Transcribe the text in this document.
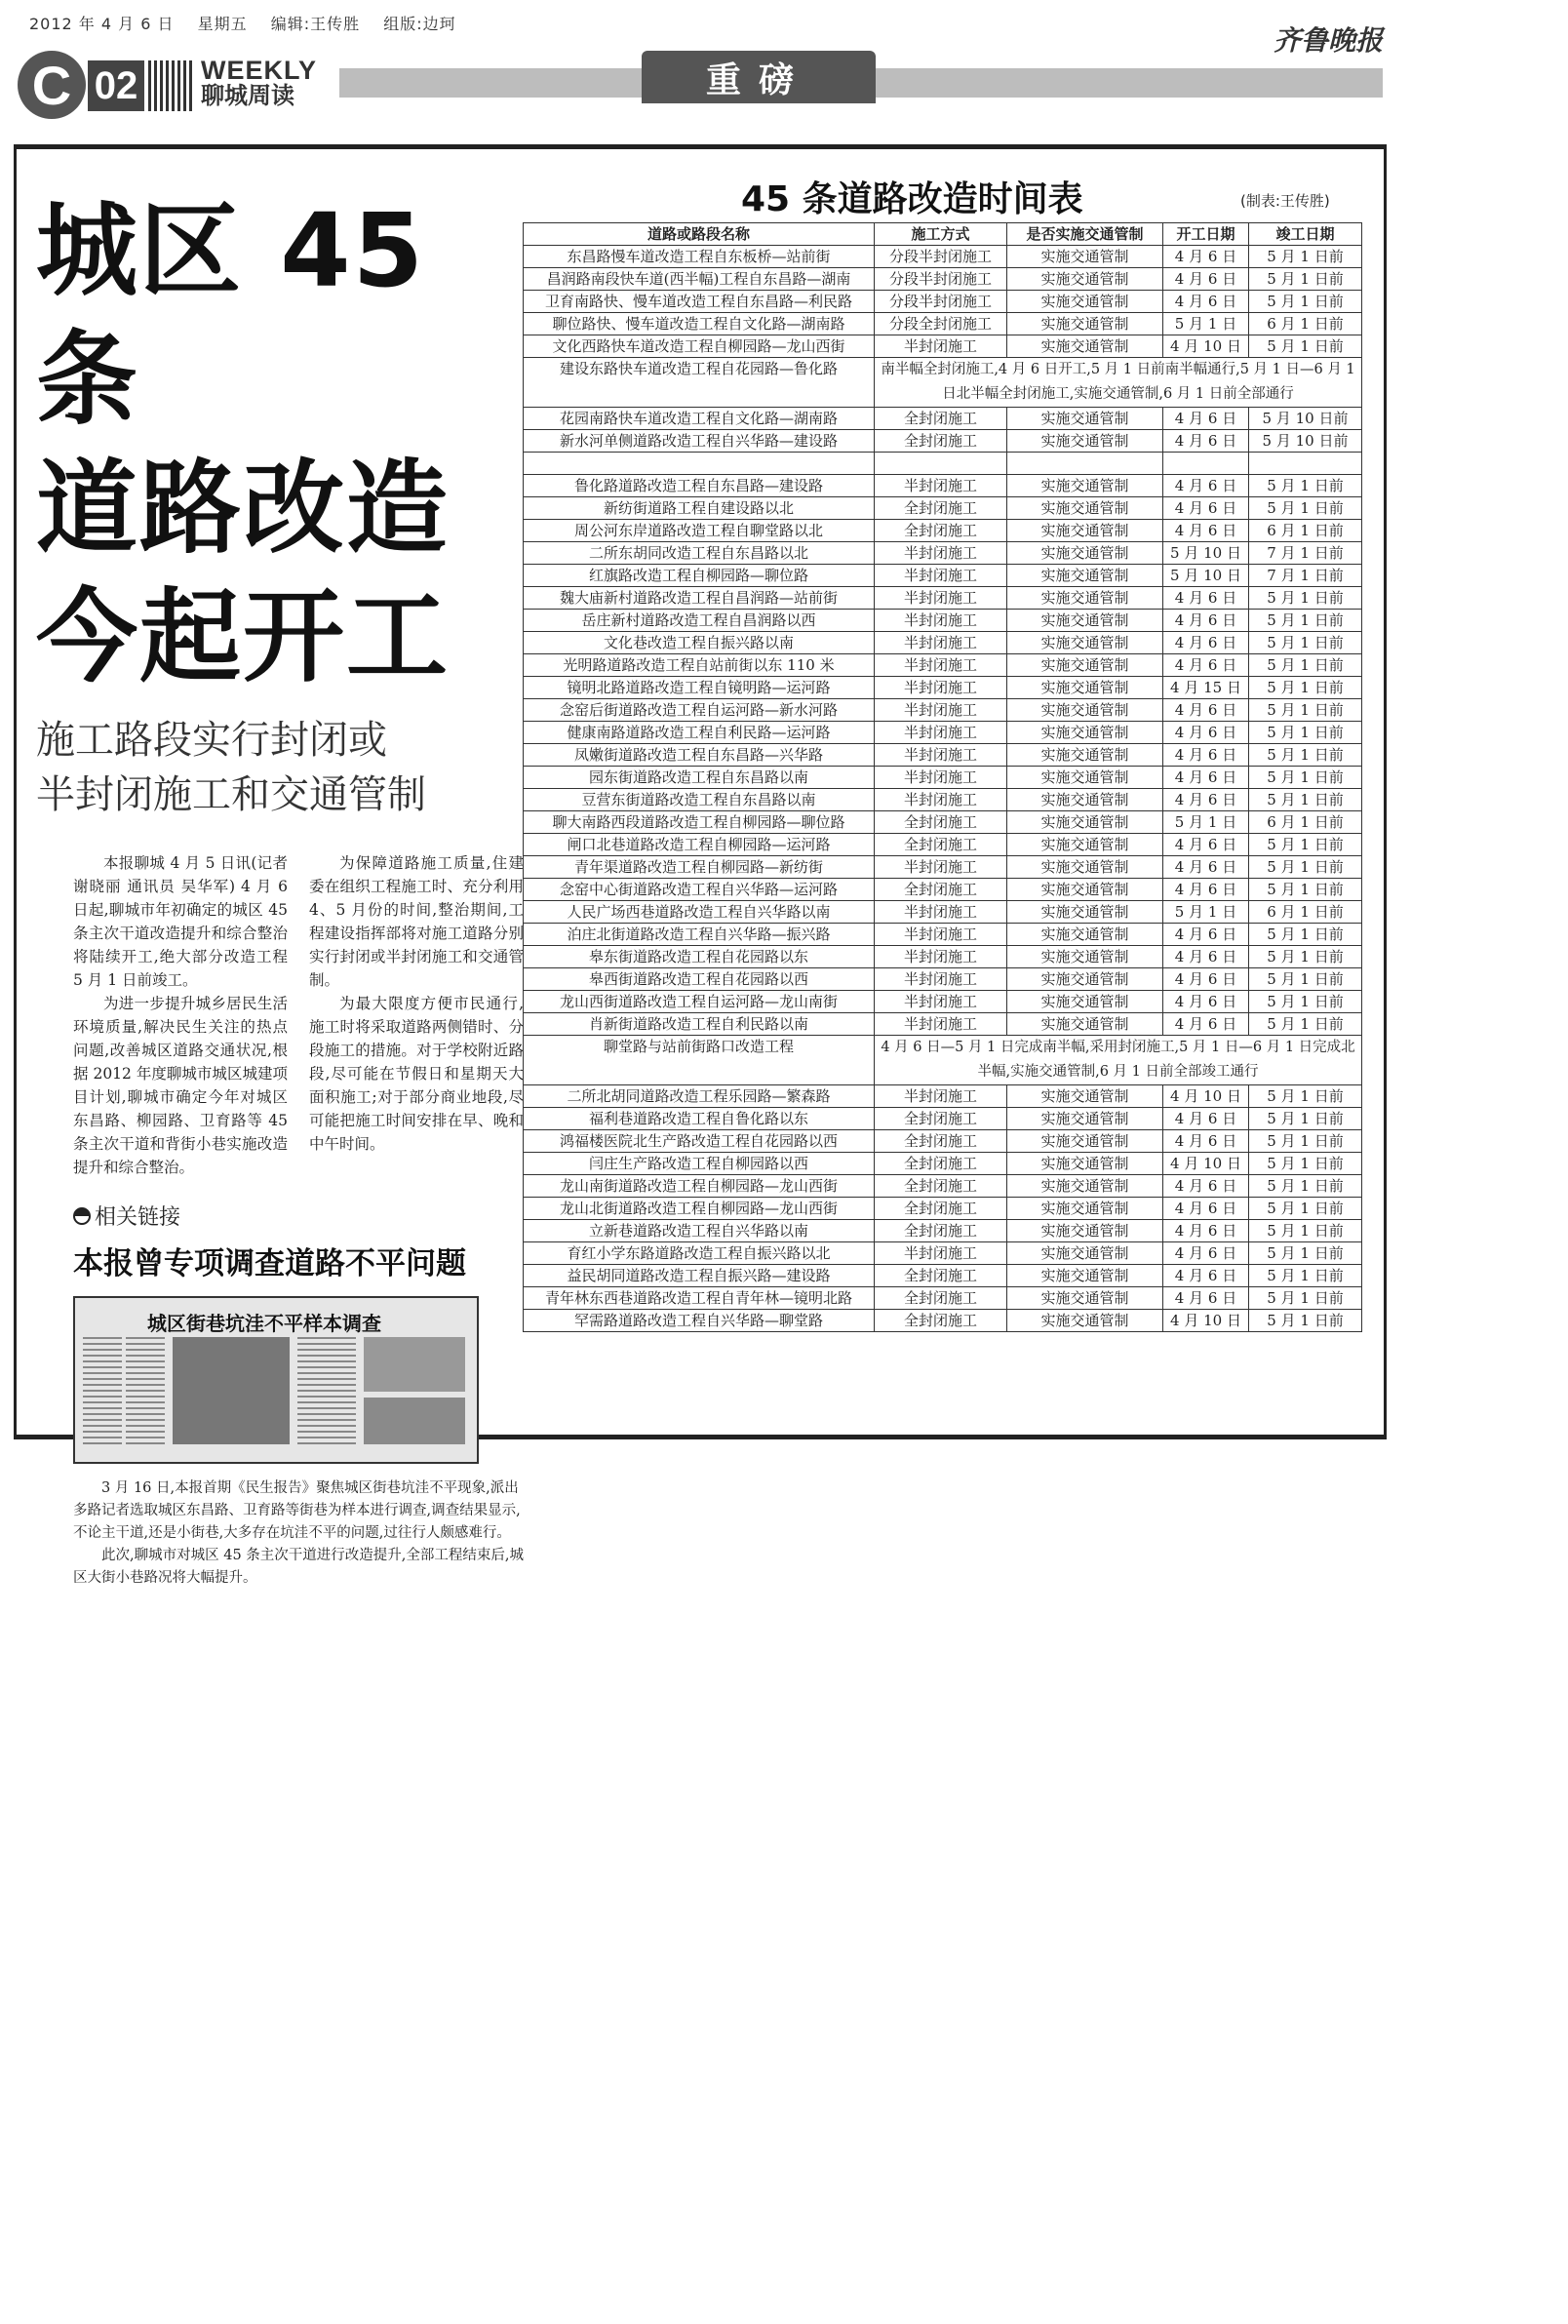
2012 年 4 月 6 日 星期五 编辑:王传胜 组版:边珂
齐鲁晚报
C 02 WEEKLY
聊城周读	重磅
城区 45 条
道路改造
今起开工
施工路段实行封闭或
半封闭施工和交通管制

本报聊城 4 月 5 日讯(记者 谢晓丽 通讯员 吴华军) 4 月 6 日起,聊城市年初确定的城区 45 条主次干道改造提升和综合整治将陆续开工,绝大部分改造工程 5 月 1 日前竣工。

为进一步提升城乡居民生活环境质量,解决民生关注的热点问题,改善城区道路交通状况,根据 2012 年度聊城市城区城建项目计划,聊城市确定今年对城区东昌路、柳园路、卫育路等 45 条主次干道和背街小巷实施改造提升和综合整治。

为保障道路施工质量,住建委在组织工程施工时、充分利用 4、5 月份的时间,整治期间,工程建设指挥部将对施工道路分别实行封闭或半封闭施工和交通管制。

为最大限度方便市民通行,施工时将采取道路两侧错时、分段施工的措施。对于学校附近路段,尽可能在节假日和星期天大面积施工;对于部分商业地段,尽可能把施工时间安排在早、晚和中午时间。

相关链接
本报曾专项调查道路不平问题
城区街巷坑洼不平样本调查

3 月 16 日,本报首期《民生报告》聚焦城区街巷坑洼不平现象,派出多路记者选取城区东昌路、卫育路等街巷为样本进行调查,调查结果显示,不论主干道,还是小街巷,大多存在坑洼不平的问题,过往行人颇感难行。

此次,聊城市对城区 45 条主次干道进行改造提升,全部工程结束后,城区大街小巷路况将大幅提升。

45 条道路改造时间表	(制表:王传胜)
道路或路段名称	施工方式	是否实施交通管制	开工日期	竣工日期
东昌路慢车道改造工程自东板桥—站前街	分段半封闭施工	实施交通管制	4 月 6 日	5 月 1 日前
昌润路南段快车道(西半幅)工程自东昌路—湖南	分段半封闭施工	实施交通管制	4 月 6 日	5 月 1 日前
卫育南路快、慢车道改造工程自东昌路—利民路	分段半封闭施工	实施交通管制	4 月 6 日	5 月 1 日前
聊位路快、慢车道改造工程自文化路—湖南路	分段全封闭施工	实施交通管制	5 月 1 日	6 月 1 日前
文化西路快车道改造工程自柳园路—龙山西街	半封闭施工	实施交通管制	4 月 10 日	5 月 1 日前
建设东路快车道改造工程自花园路—鲁化路	南半幅全封闭施工,4 月 6 日开工,5 月 1 日前南半幅通行,5 月 1 日—6 月 1 日北半幅全封闭施工,实施交通管制,6 月 1 日前全部通行			
花园南路快车道改造工程自文化路—湖南路	全封闭施工	实施交通管制	4 月 6 日	5 月 10 日前
新水河单侧道路改造工程自兴华路—建设路	全封闭施工	实施交通管制	4 月 6 日	5 月 10 日前

鲁化路道路改造工程自东昌路—建设路	半封闭施工	实施交通管制	4 月 6 日	5 月 1 日前
新纺街道路工程自建设路以北	全封闭施工	实施交通管制	4 月 6 日	5 月 1 日前
周公河东岸道路改造工程自聊堂路以北	全封闭施工	实施交通管制	4 月 6 日	6 月 1 日前
二所东胡同改造工程自东昌路以北	半封闭施工	实施交通管制	5 月 10 日	7 月 1 日前
红旗路改造工程自柳园路—聊位路	半封闭施工	实施交通管制	5 月 10 日	7 月 1 日前
魏大庙新村道路改造工程自昌润路—站前街	半封闭施工	实施交通管制	4 月 6 日	5 月 1 日前
岳庄新村道路改造工程自昌润路以西	半封闭施工	实施交通管制	4 月 6 日	5 月 1 日前
文化巷改造工程自振兴路以南	半封闭施工	实施交通管制	4 月 6 日	5 月 1 日前
光明路道路改造工程自站前街以东 110 米	半封闭施工	实施交通管制	4 月 6 日	5 月 1 日前
镜明北路道路改造工程自镜明路—运河路	半封闭施工	实施交通管制	4 月 15 日	5 月 1 日前
念窑后街道路改造工程自运河路—新水河路	半封闭施工	实施交通管制	4 月 6 日	5 月 1 日前
健康南路道路改造工程自利民路—运河路	半封闭施工	实施交通管制	4 月 6 日	5 月 1 日前
凤嫩街道路改造工程自东昌路—兴华路	半封闭施工	实施交通管制	4 月 6 日	5 月 1 日前
园东街道路改造工程自东昌路以南	半封闭施工	实施交通管制	4 月 6 日	5 月 1 日前
豆营东街道路改造工程自东昌路以南	半封闭施工	实施交通管制	4 月 6 日	5 月 1 日前
聊大南路西段道路改造工程自柳园路—聊位路	全封闭施工	实施交通管制	5 月 1 日	6 月 1 日前
闸口北巷道路改造工程自柳园路—运河路	全封闭施工	实施交通管制	4 月 6 日	5 月 1 日前
青年渠道路改造工程自柳园路—新纺街	半封闭施工	实施交通管制	4 月 6 日	5 月 1 日前
念窑中心街道路改造工程自兴华路—运河路	全封闭施工	实施交通管制	4 月 6 日	5 月 1 日前
人民广场西巷道路改造工程自兴华路以南	半封闭施工	实施交通管制	5 月 1 日	6 月 1 日前
泊庄北街道路改造工程自兴华路—振兴路	半封闭施工	实施交通管制	4 月 6 日	5 月 1 日前
皋东街道路改造工程自花园路以东	半封闭施工	实施交通管制	4 月 6 日	5 月 1 日前
皋西街道路改造工程自花园路以西	半封闭施工	实施交通管制	4 月 6 日	5 月 1 日前
龙山西街道路改造工程自运河路—龙山南街	半封闭施工	实施交通管制	4 月 6 日	5 月 1 日前
肖新街道路改造工程自利民路以南	半封闭施工	实施交通管制	4 月 6 日	5 月 1 日前
聊堂路与站前街路口改造工程	4 月 6 日—5 月 1 日完成南半幅,采用封闭施工,5 月 1 日—6 月 1 日完成北半幅,实施交通管制,6 月 1 日前全部竣工通行			
二所北胡同道路改造工程乐园路—繁森路	半封闭施工	实施交通管制	4 月 10 日	5 月 1 日前
福利巷道路改造工程自鲁化路以东	全封闭施工	实施交通管制	4 月 6 日	5 月 1 日前
鸿福楼医院北生产路改造工程自花园路以西	全封闭施工	实施交通管制	4 月 6 日	5 月 1 日前
闫庄生产路改造工程自柳园路以西	全封闭施工	实施交通管制	4 月 10 日	5 月 1 日前
龙山南街道路改造工程自柳园路—龙山西街	全封闭施工	实施交通管制	4 月 6 日	5 月 1 日前
龙山北街道路改造工程自柳园路—龙山西街	全封闭施工	实施交通管制	4 月 6 日	5 月 1 日前
立新巷道路改造工程自兴华路以南	全封闭施工	实施交通管制	4 月 6 日	5 月 1 日前
育红小学东路道路改造工程自振兴路以北	半封闭施工	实施交通管制	4 月 6 日	5 月 1 日前
益民胡同道路改造工程自振兴路—建设路	全封闭施工	实施交通管制	4 月 6 日	5 月 1 日前
青年林东西巷道路改造工程自青年林—镜明北路	全封闭施工	实施交通管制	4 月 6 日	5 月 1 日前
罕需路道路改造工程自兴华路—聊堂路	全封闭施工	实施交通管制	4 月 10 日	5 月 1 日前
